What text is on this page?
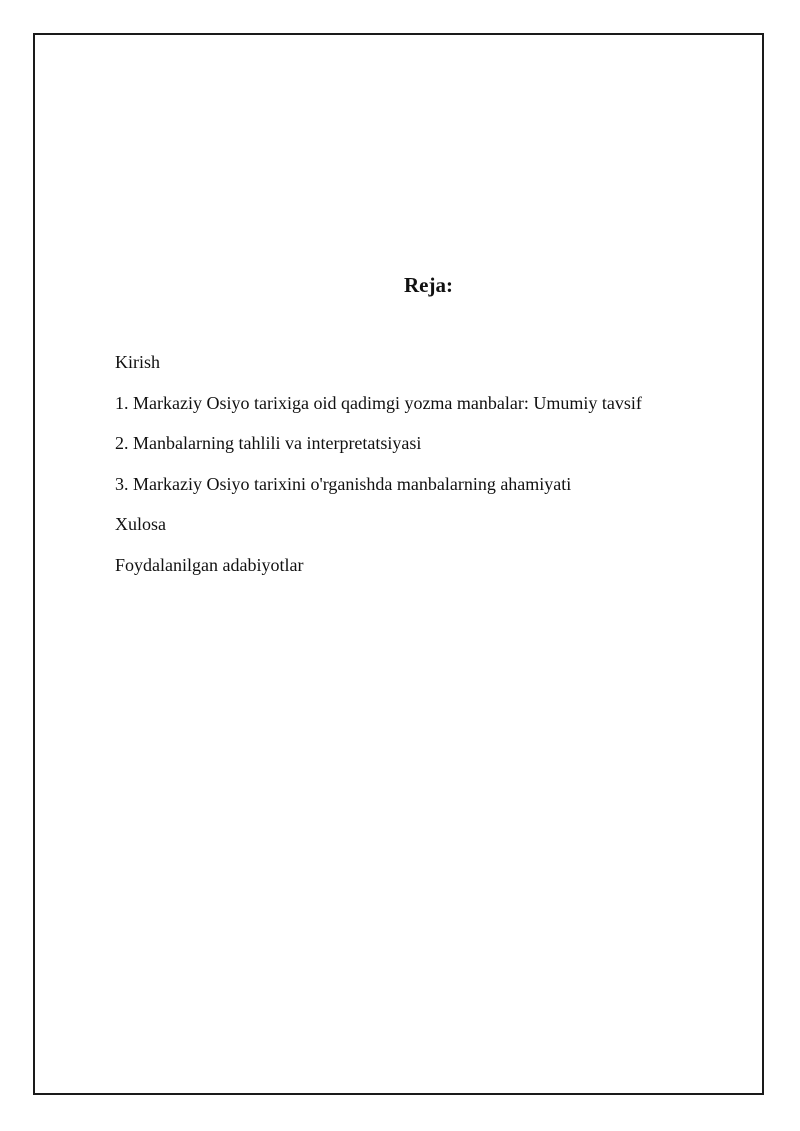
Reja:
Kirish
1. Markaziy Osiyo tarixiga oid qadimgi yozma manbalar: Umumiy tavsif
2. Manbalarning tahlili va interpretatsiyasi
3. Markaziy Osiyo tarixini o'rganishda manbalarning ahamiyati
Xulosa
Foydalanilgan adabiyotlar
